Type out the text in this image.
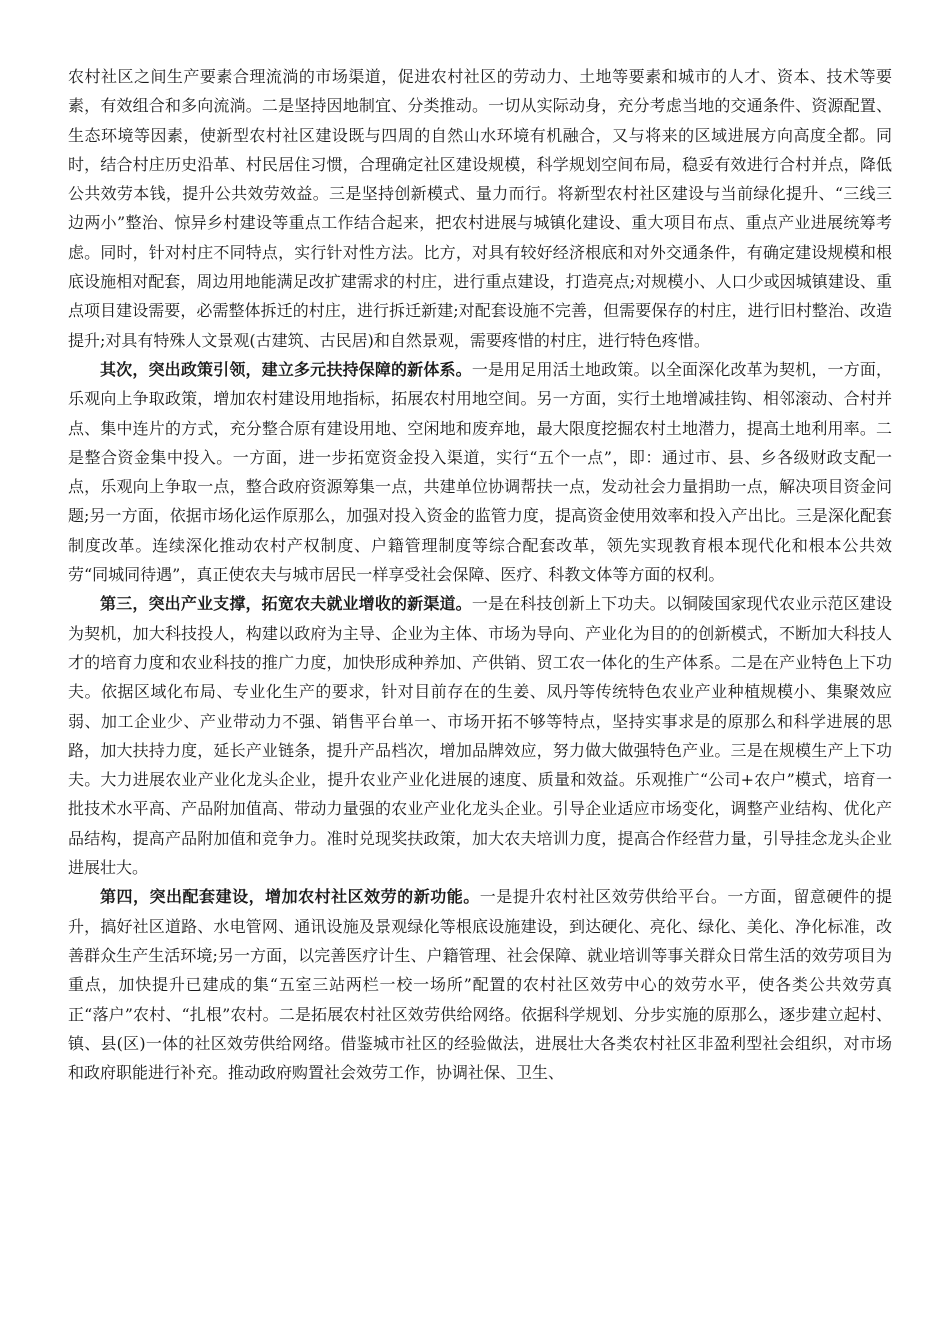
农村社区之间生产要素合理流淌的市场渠道，促进农村社区的劳动力、土地等要素和城市的人才、资本、技术等要素，有效组合和多向流淌。二是坚持因地制宜、分类推动。一切从实际动身，充分考虑当地的交通条件、资源配置、生态环境等因素，使新型农村社区建设既与四周的自然山水环境有机融合，又与将来的区域进展方向高度全都。同时，结合村庄历史沿革、村民居住习惯，合理确定社区建设规模，科学规划空间布局，稳妥有效进行合村并点，降低公共效劳本钱，提升公共效劳效益。三是坚持创新模式、量力而行。将新型农村社区建设与当前绿化提升、“三线三边两小”整治、惊异乡村建设等重点工作结合起来，把农村进展与城镇化建设、重大项目布点、重点产业进展统筹考虑。同时，针对村庄不同特点，实行针对性方法。比方，对具有较好经济根底和对外交通条件，有确定建设规模和根底设施相对配套，周边用地能满足改扩建需求的村庄，进行重点建设，打造亮点;对规模小、人口少或因城镇建设、重点项目建设需要，必需整体拆迁的村庄，进行拆迁新建;对配套设施不完善，但需要保存的村庄，进行旧村整治、改造提升;对具有特殊人文景观(古建筑、古民居)和自然景观，需要疼惜的村庄，进行特色疼惜。

其次，突出政策引领，建立多元扶持保障的新体系。一是用足用活土地政策。以全面深化改革为契机，一方面，乐观向上争取政策，增加农村建设用地指标，拓展农村用地空间。另一方面，实行土地增减挂钩、相邻滚动、合村并点、集中连片的方式，充分整合原有建设用地、空闲地和废弃地，最大限度挖掘农村土地潜力，提高土地利用率。二是整合资金集中投入。一方面，进一步拓宽资金投入渠道，实行“五个一点”，即：通过市、县、乡各级财政支配一点，乐观向上争取一点，整合政府资源筹集一点，共建单位协调帮扶一点，发动社会力量捐助一点，解决项目资金问题;另一方面，依据市场化运作原那么，加强对投入资金的监管力度，提高资金使用效率和投入产出比。三是深化配套制度改革。连续深化推动农村产权制度、户籍管理制度等综合配套改革，领先实现教育根本现代化和根本公共效劳“同城同待遇”，真正使农夫与城市居民一样享受社会保障、医疗、科教文体等方面的权利。

第三，突出产业支撑，拓宽农夫就业增收的新渠道。一是在科技创新上下功夫。以铜陵国家现代农业示范区建设为契机，加大科技投人，构建以政府为主导、企业为主体、市场为导向、产业化为目的的创新模式，不断加大科技人才的培育力度和农业科技的推广力度，加快形成种养加、产供销、贸工农一体化的生产体系。二是在产业特色上下功夫。依据区域化布局、专业化生产的要求，针对目前存在的生姜、凤丹等传统特色农业产业种植规模小、集聚效应弱、加工企业少、产业带动力不强、销售平台单一、市场开拓不够等特点，坚持实事求是的原那么和科学进展的思路，加大扶持力度，延长产业链条，提升产品档次，增加品牌效应，努力做大做强特色产业。三是在规模生产上下功夫。大力进展农业产业化龙头企业，提升农业产业化进展的速度、质量和效益。乐观推广“公司+农户”模式，培育一批技术水平高、产品附加值高、带动力量强的农业产业化龙头企业。引导企业适应市场变化，调整产业结构、优化产品结构，提高产品附加值和竞争力。准时兑现奖扶政策，加大农夫培训力度，提高合作经营力量，引导挂念龙头企业进展壮大。

第四，突出配套建设，增加农村社区效劳的新功能。一是提升农村社区效劳供给平台。一方面，留意硬件的提升，搞好社区道路、水电管网、通讯设施及景观绿化等根底设施建设，到达硬化、亮化、绿化、美化、净化标准，改善群众生产生活环境;另一方面，以完善医疗计生、户籍管理、社会保障、就业培训等事关群众日常生活的效劳项目为重点，加快提升已建成的集“五室三站两栏一校一场所”配置的农村社区效劳中心的效劳水平，使各类公共效劳真正“落户”农村、“扎根”农村。二是拓展农村社区效劳供给网络。依据科学规划、分步实施的原那么，逐步建立起村、镇、县(区)一体的社区效劳供给网络。借鉴城市社区的经验做法，进展壮大各类农村社区非盈利型社会组织，对市场和政府职能进行补充。推动政府购置社会效劳工作，协调社保、卫生、
